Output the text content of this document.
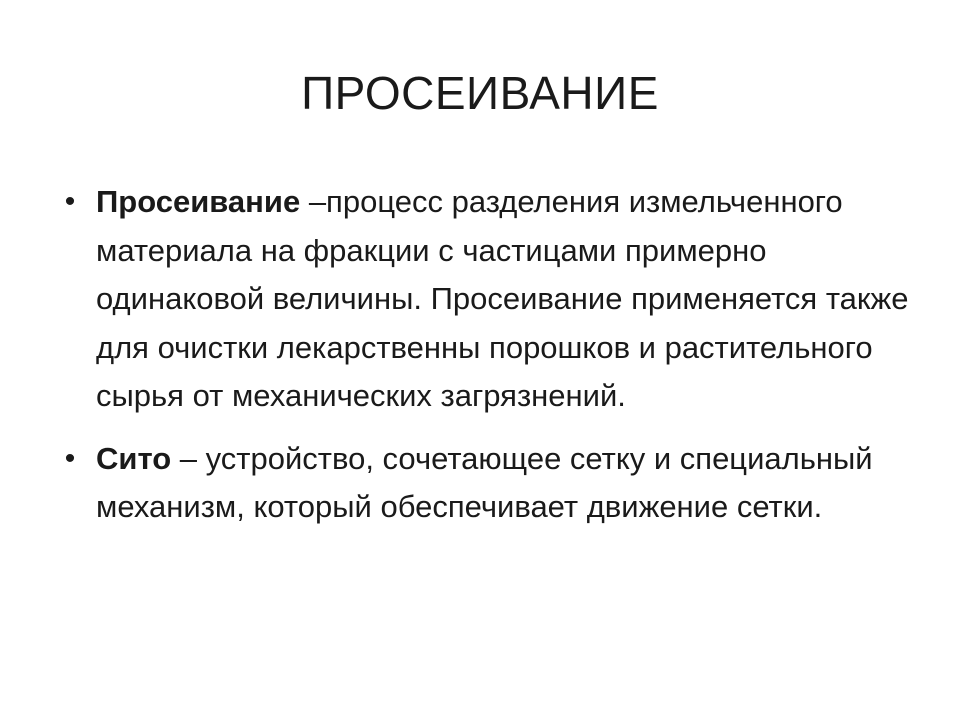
ПРОСЕИВАНИЕ
• Просеивание –процесс разделения измельченного материала на фракции с частицами примерно одинаковой величины. Просеивание применяется также для очистки лекарственны порошков и растительного сырья от механических загрязнений.
• Сито – устройство, сочетающее сетку и специальный механизм, который обеспечивает движение сетки.
